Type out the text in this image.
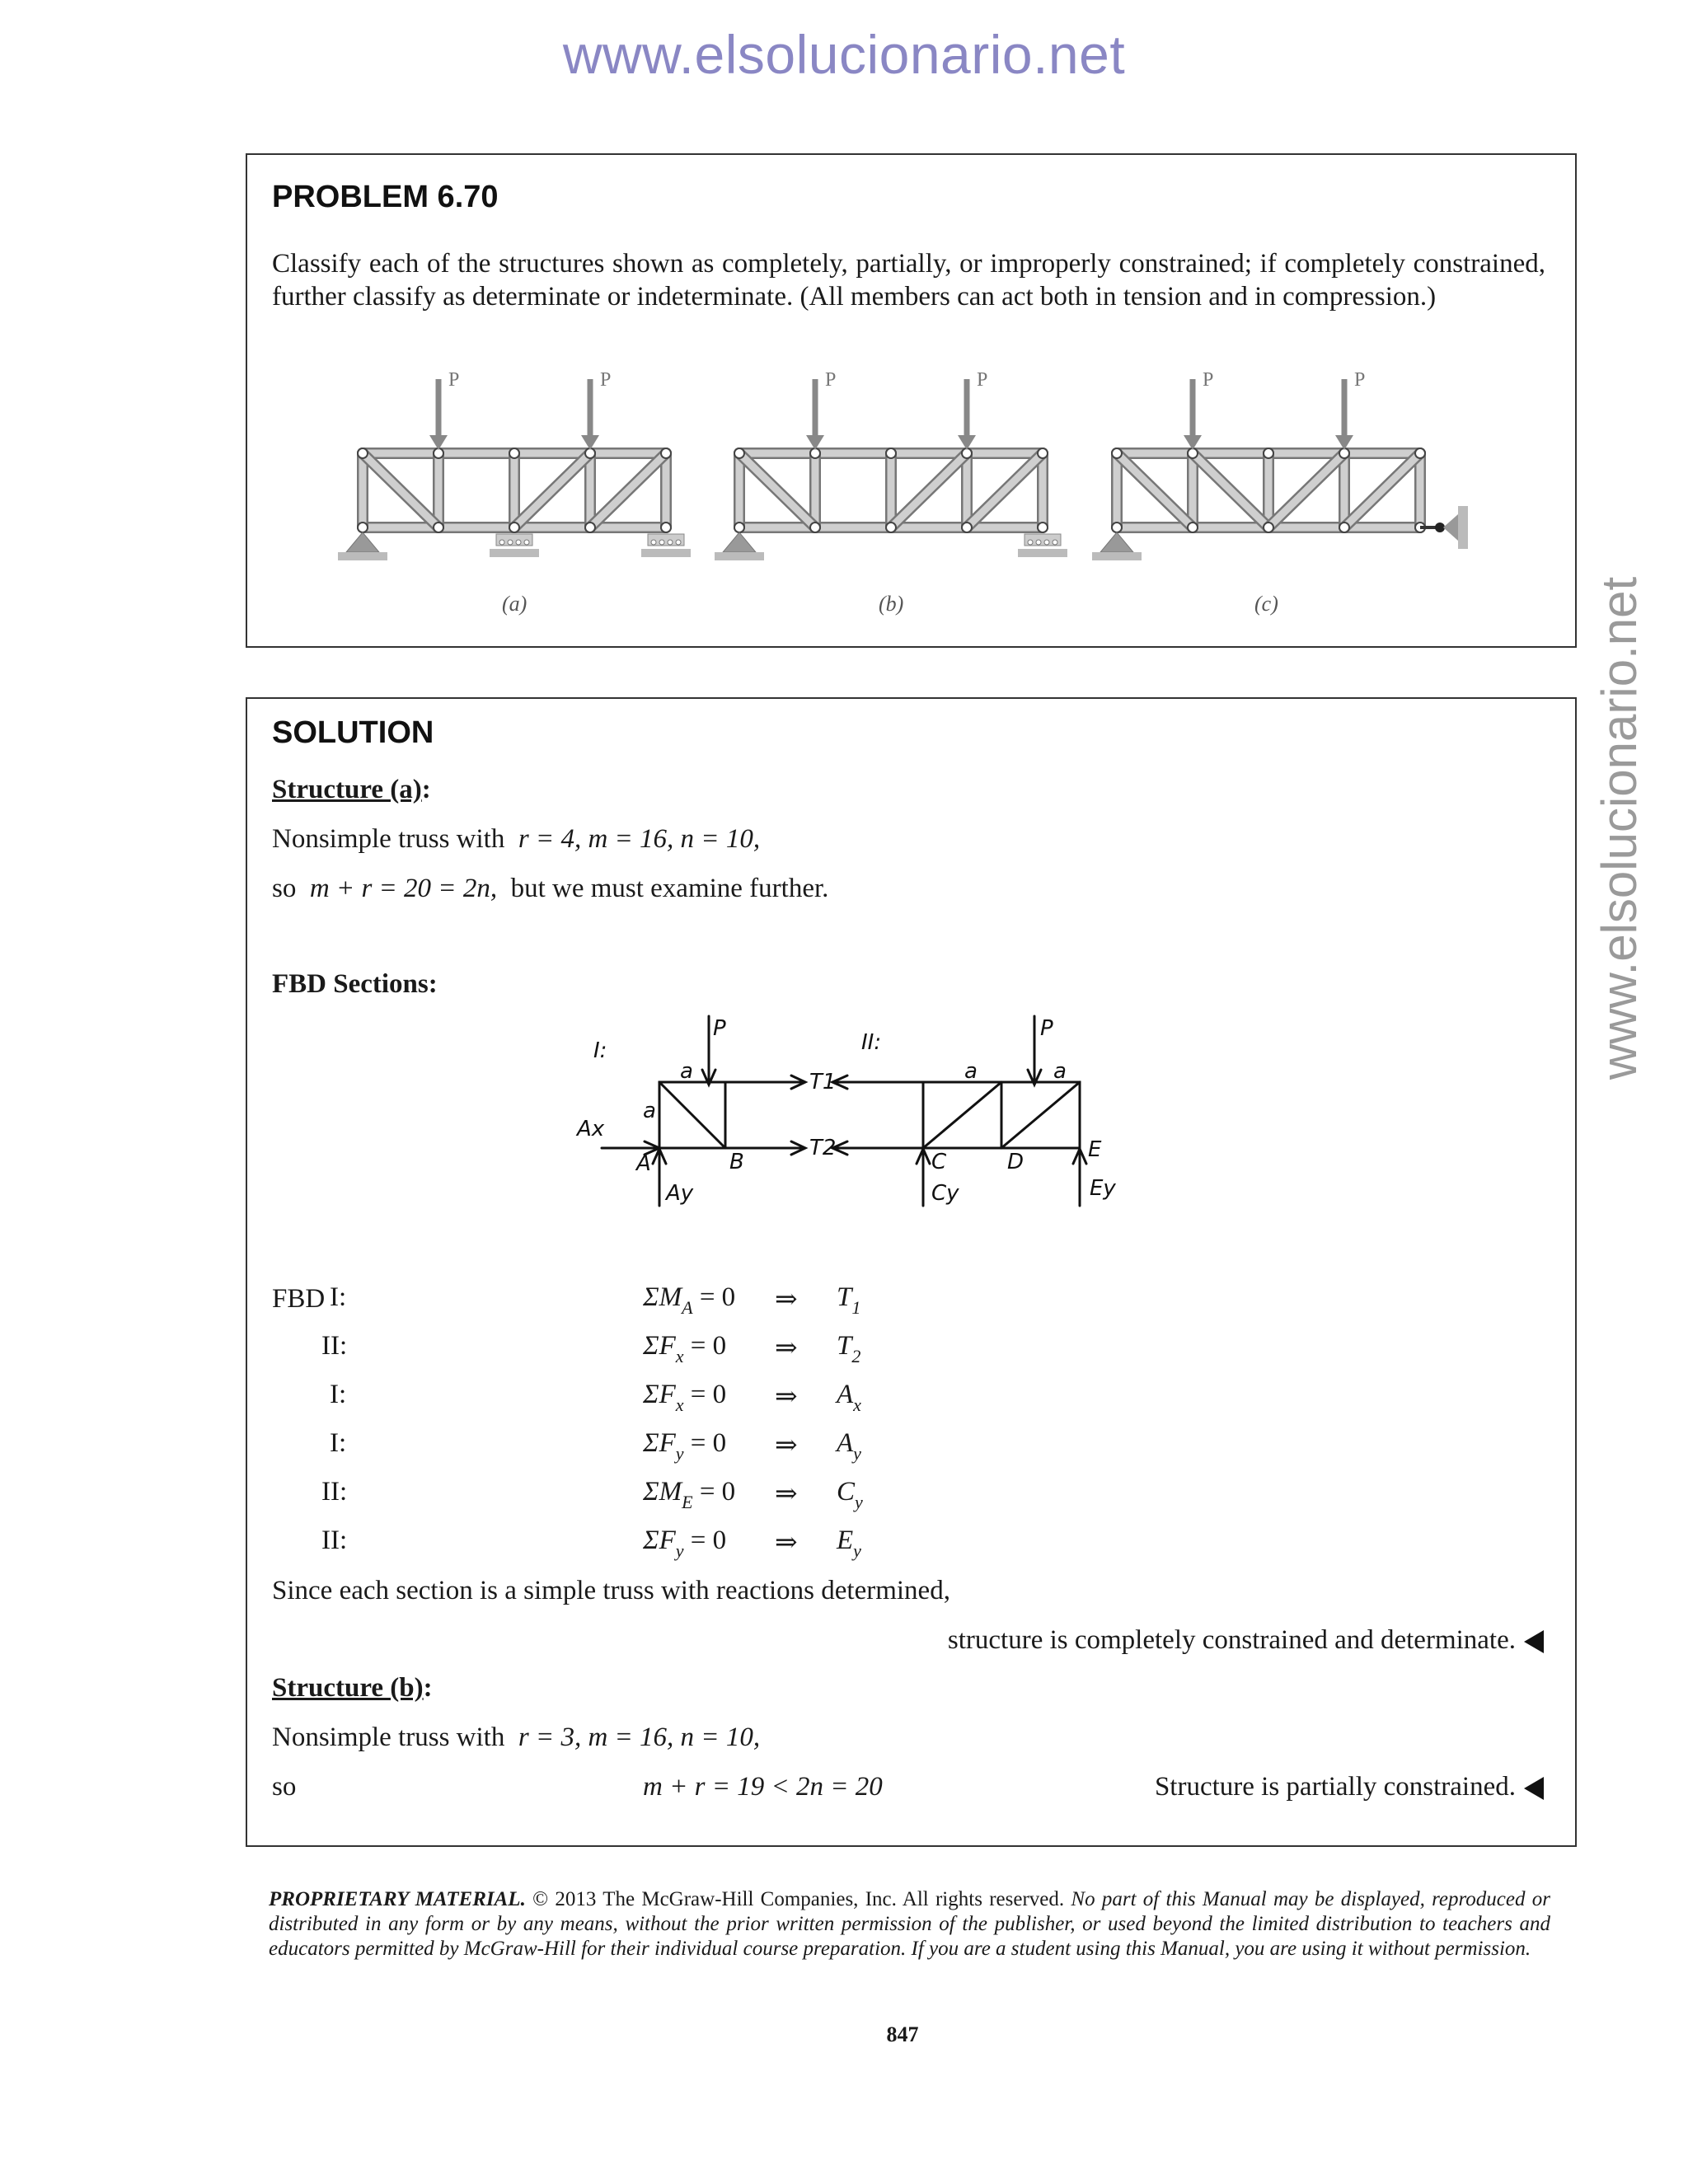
www.elsolucionario.net
www.elsolucionario.net
PROBLEM 6.70
Classify each of the structures shown as completely, partially, or improperly constrained; if completely constrained, further classify as determinate or indeterminate. (All members can act both in tension and in compression.)
P	P	P	P	P	P
(a)	(b)	(c)
SOLUTION
Structure (a):
Nonsimple truss with r = 4, m = 16, n = 10,
so m + r = 20 = 2n, but we must examine further.
FBD Sections:
I:
P
a
a
T1
T2
Ax
A	B
Ay
II:
P
a	a
C	D	E
Cy	Ey
FBD
Since each section is a simple truss with reactions determined,
structure is completely constrained and determinate.
Structure (b):
Nonsimple truss with r = 3, m = 16, n = 10,
so	m + r = 19 < 2n = 20	Structure is partially constrained.
I:	$\Sigma M_A = 0$ ⇒ $T_1$
II:	$\Sigma F_x = 0$ ⇒ $T_2$
I:	$\Sigma F_x = 0$ ⇒ $A_x$
I:	$\Sigma F_y = 0$ ⇒ $A_y$
II:	$\Sigma M_E = 0$ ⇒ $C_y$
II:	$\Sigma F_y = 0$ ⇒ $E_y$
PROPRIETARY MATERIAL. © 2013 The McGraw-Hill Companies, Inc. All rights reserved. No part of this Manual may be displayed, reproduced or distributed in any form or by any means, without the prior written permission of the publisher, or used beyond the limited distribution to teachers and educators permitted by McGraw-Hill for their individual course preparation. If you are a student using this Manual, you are using it without permission.
847
